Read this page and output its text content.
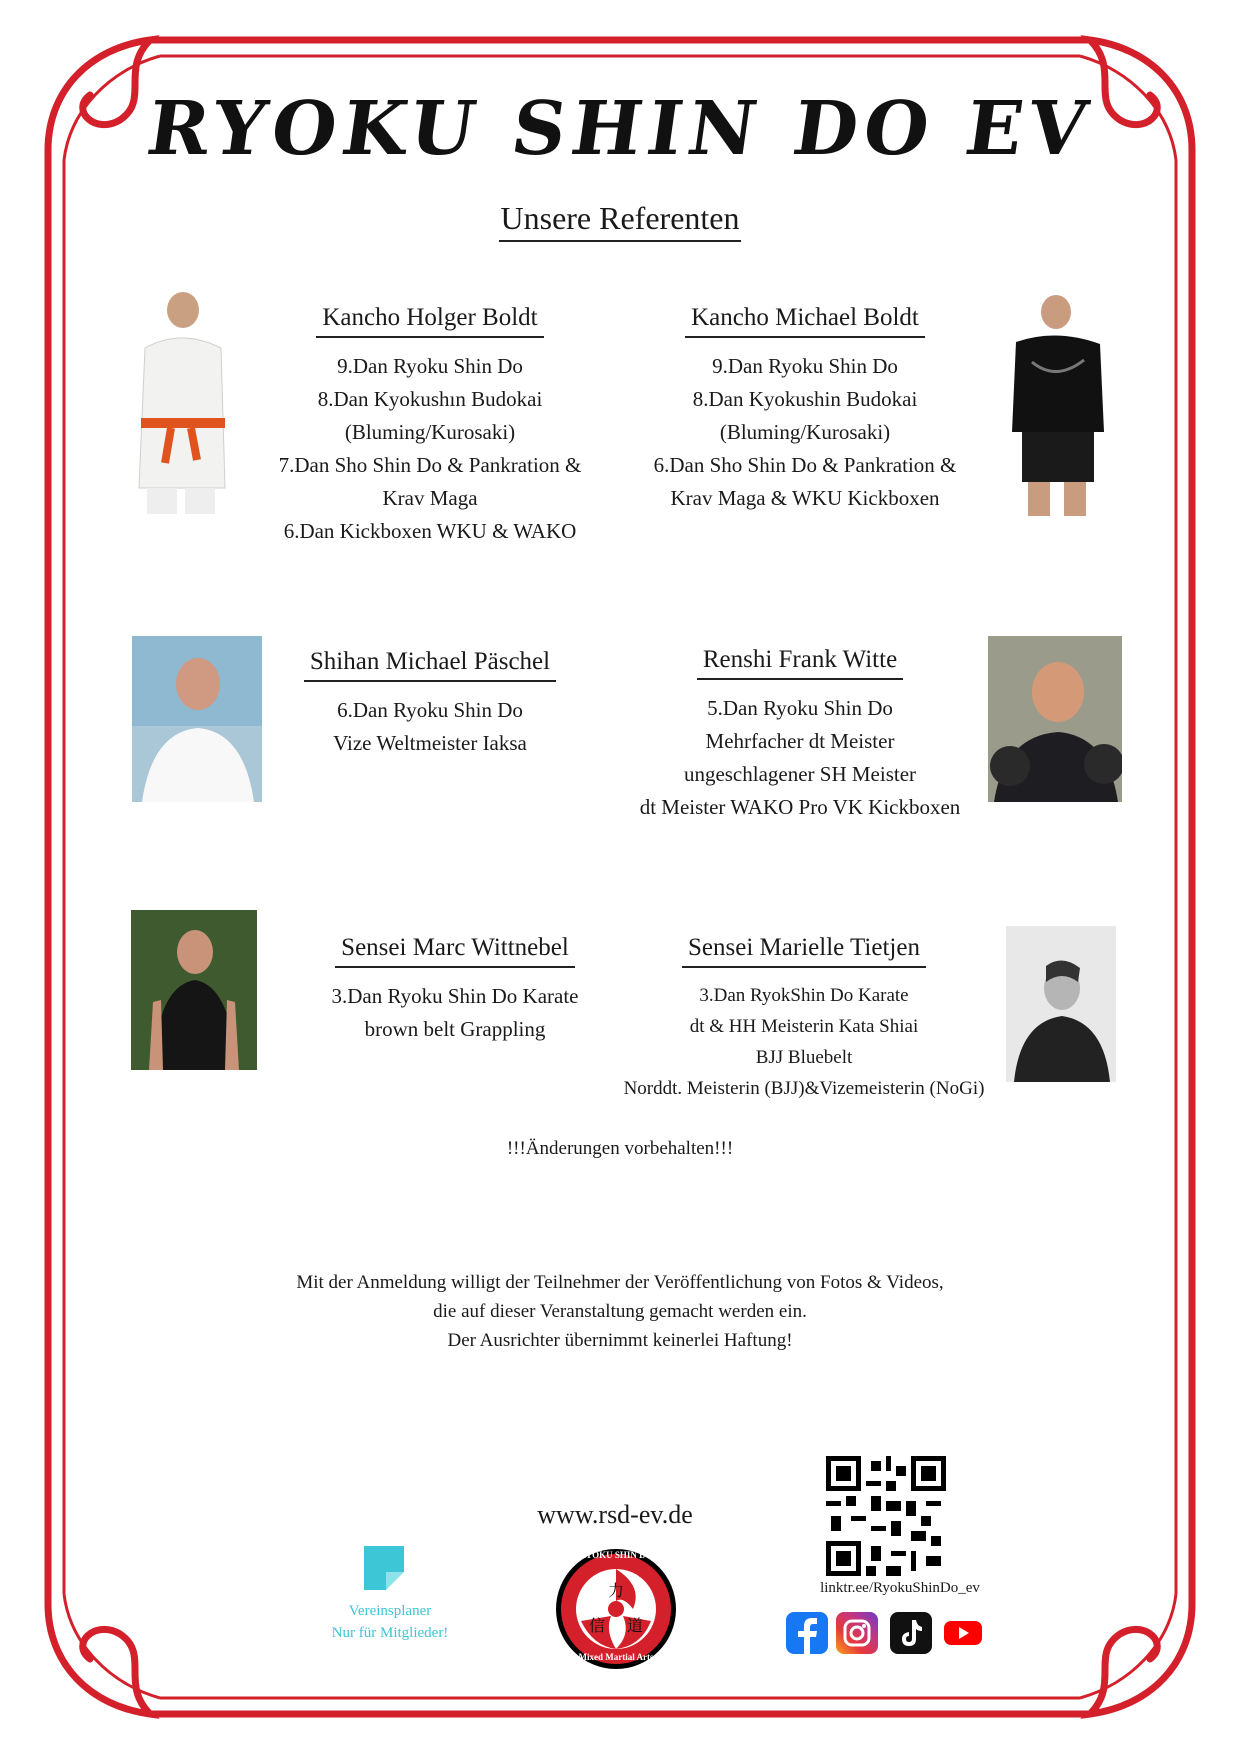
RYOKU SHIN DO EV
Unsere Referenten
Kancho Holger Boldt
9.Dan Ryoku Shin Do
8.Dan Kyokushın Budokai
(Bluming/Kurosaki)
7.Dan Sho Shin Do & Pankration &
Krav Maga
6.Dan Kickboxen WKU & WAKO
Kancho Michael Boldt
9.Dan Ryoku Shin Do
8.Dan Kyokushin Budokai
(Bluming/Kurosaki)
6.Dan Sho Shin Do & Pankration &
Krav Maga & WKU Kickboxen
Shihan Michael Päschel
6.Dan Ryoku Shin Do
Vize Weltmeister Iaksa
Renshi Frank Witte
5.Dan Ryoku Shin Do
Mehrfacher dt Meister
ungeschlagener SH Meister
dt Meister WAKO Pro VK Kickboxen
Sensei Marc Wittnebel
3.Dan Ryoku Shin Do Karate
brown belt Grappling
Sensei Marielle Tietjen
3.Dan RyokShin Do Karate
dt & HH Meisterin Kata Shiai
BJJ Bluebelt
Norddt. Meisterin (BJJ)&Vizemeisterin (NoGi)
!!!Änderungen vorbehalten!!!
Mit der Anmeldung willigt der Teilnehmer der Veröffentlichung von Fotos & Videos,
die auf dieser Veranstaltung gemacht werden ein.
Der Ausrichter übernimmt keinerlei Haftung!
www.rsd-ev.de
Vereinsplaner
Nur für Mitglieder!
力
信 道
RYOKU SHIN DO
Mixed Martial Arts
linktr.ee/RyokuShinDo_ev
